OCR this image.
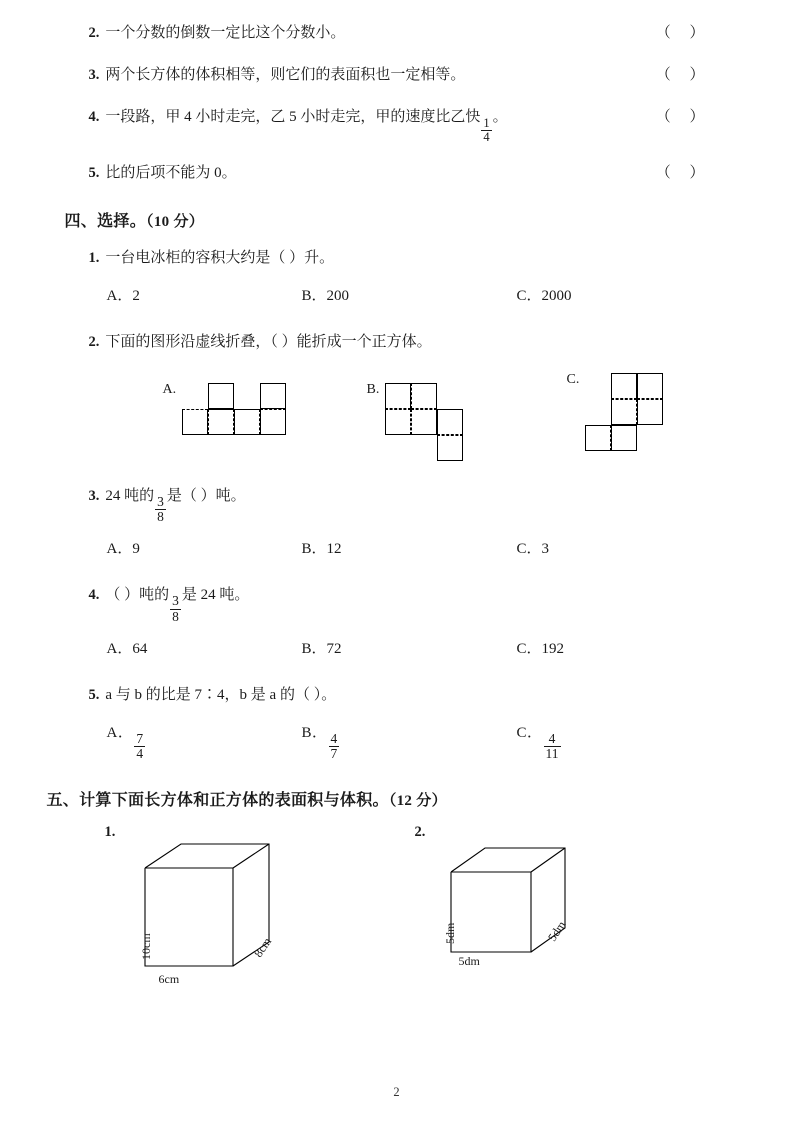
2. 一个分数的倒数一定比这个分数小。	（     ）
3. 两个长方体的体积相等，则它们的表面积也一定相等。	（     ）
4. 一段路，甲 4 小时走完，乙 5 小时走完，甲的速度比乙快 $\frac{1}{4}$ 。	（     ）
5. 比的后项不能为 0。	（     ）
四、选择。（10 分）
1. 一台电冰柜的容积大约是（ ）升。
A．2	B．200	C．2000
2. 下面的图形沿虚线折叠，（ ）能折成一个正方体。
A.	B.
C.
3. 24 吨的 $\frac{3}{8}$ 是（ ）吨。
A．9	B．12	C．3
4. （ ）吨的 $\frac{3}{8}$ 是 24 吨。
A．64	B．72	C．192
5. a 与 b 的比是 7∶4，b 是 a 的（ ）。
A． $\frac{7}{4}$	B． $\frac{4}{7}$	C． $\frac{4}{11}$
五、计算下面长方体和正方体的表面积与体积。（12 分）
1.
10cm
6cm
8cm
2.
5dm
5dm
5dm
2
